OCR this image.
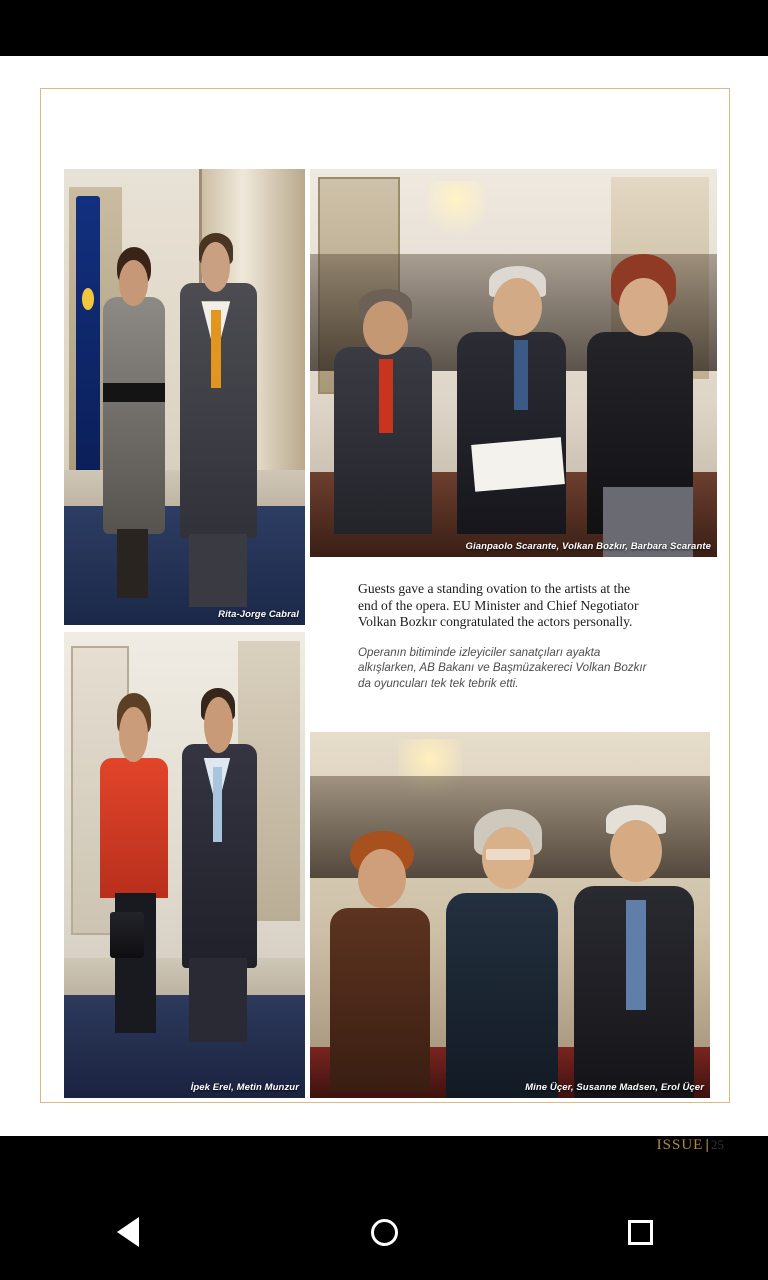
Rita-Jorge Cabral
Gianpaolo Scarante, Volkan Bozkır, Barbara Scarante
İpek Erel, Metin Munzur	Mine Üçer, Susanne Madsen, Erol Üçer

Guests gave a standing ovation to the artists at the end of the opera. EU Minister and Chief Negotiator Volkan Bozkır congratulated the actors personally.

Operanın bitiminde izleyiciler sanatçıları ayakta alkışlarken, AB Bakanı ve Başmüzakereci Volkan Bozkır da oyuncuları tek tek tebrik etti.

ISSUE | 25
